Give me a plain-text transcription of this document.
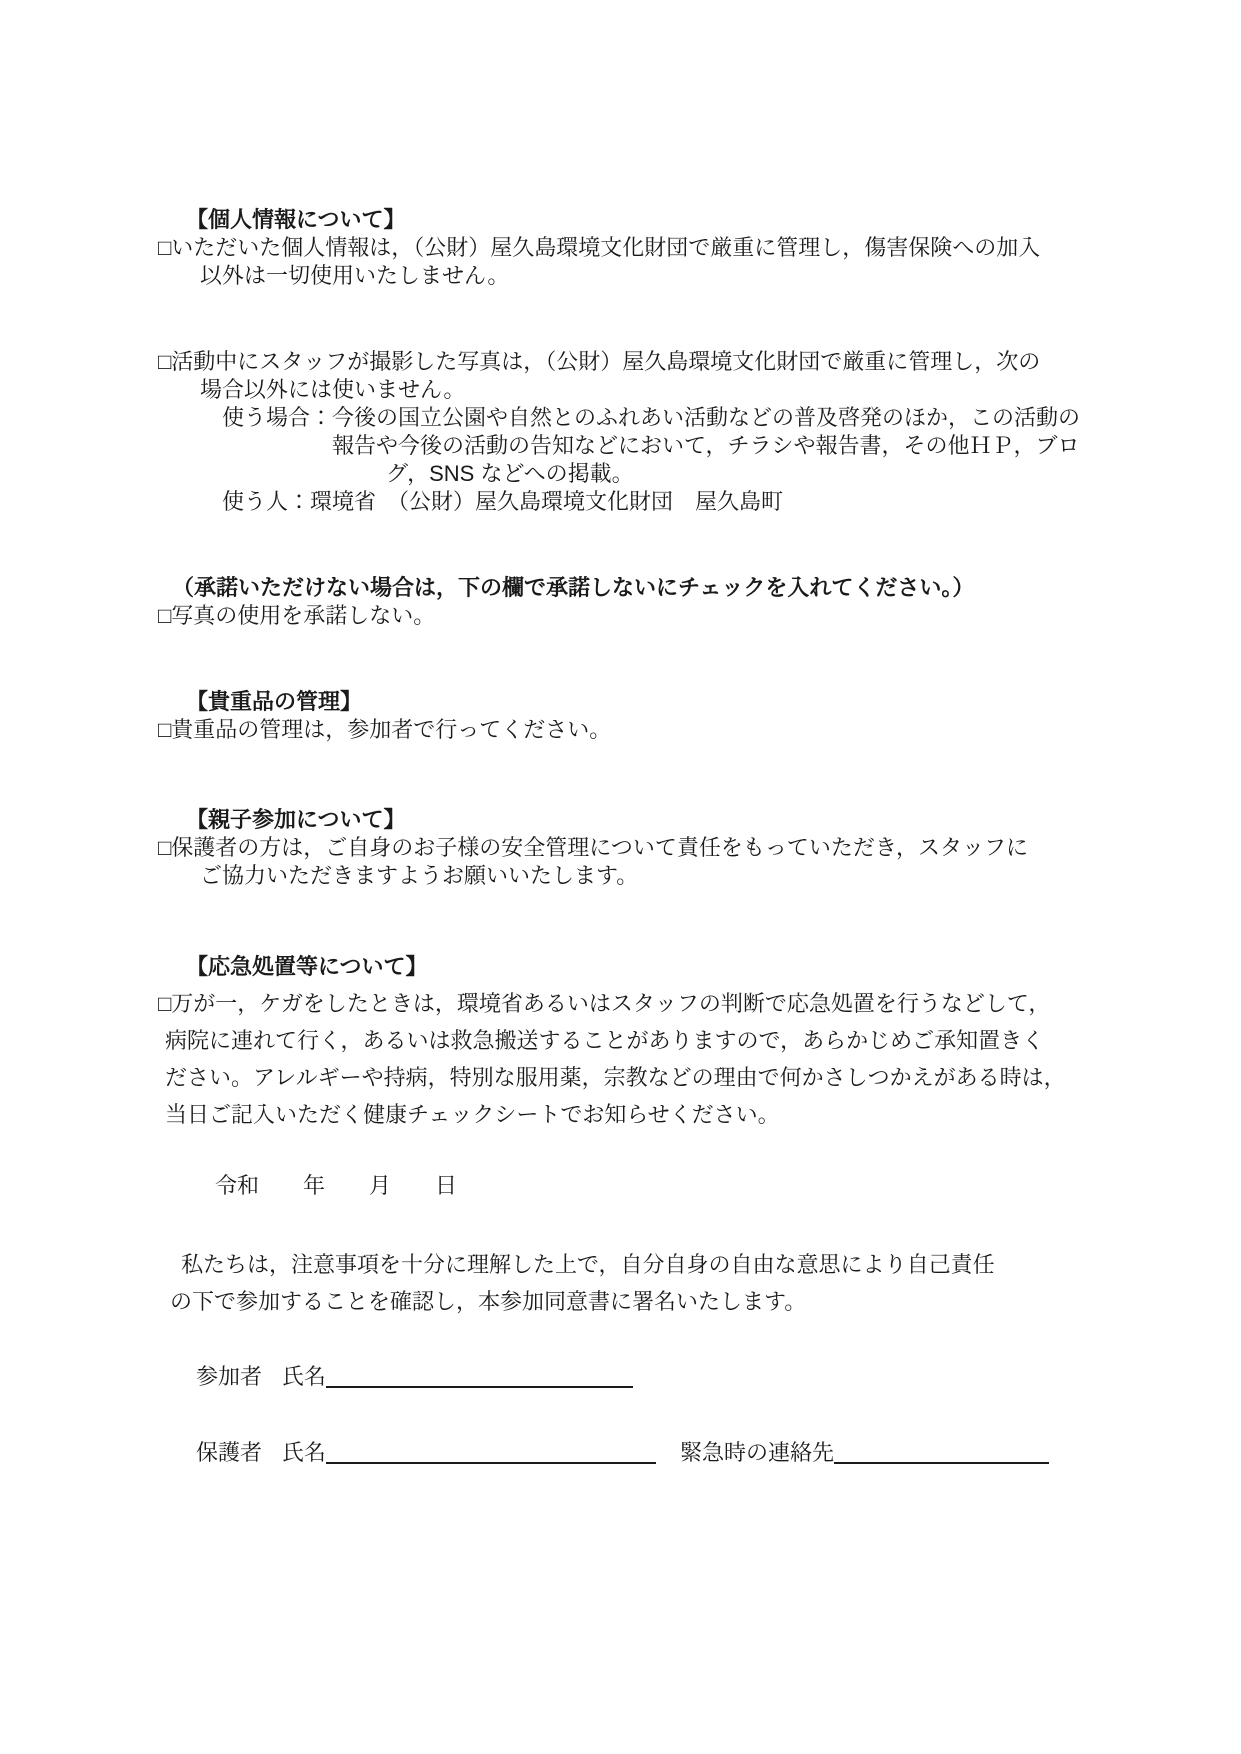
【個人情報について】
□いただいた個人情報は，（公財）屋久島環境文化財団で厳重に管理し，傷害保険への加入
以外は一切使用いたしません。
□活動中にスタッフが撮影した写真は，（公財）屋久島環境文化財団で厳重に管理し，次の
場合以外には使いません。
使う場合：今後の国立公園や自然とのふれあい活動などの普及啓発のほか，この活動の
報告や今後の活動の告知などにおいて，チラシや報告書，その他ＨＰ，ブロ
グ，SNS などへの掲載。
使う人：環境省　（公財）屋久島環境文化財団　屋久島町
（承諾いただけない場合は，下の欄で承諾しないにチェックを入れてください。）
□写真の使用を承諾しない。
【貴重品の管理】
□貴重品の管理は，参加者で行ってください。
【親子参加について】
□保護者の方は，ご自身のお子様の安全管理について責任をもっていただき，スタッフに
ご協力いただきますようお願いいたします。
【応急処置等について】
□万が一，ケガをしたときは，環境省あるいはスタッフの判断で応急処置を行うなどして，
病院に連れて行く，あるいは救急搬送することがありますので，あらかじめご承知置きく
ださい。アレルギーや持病，特別な服用薬，宗教などの理由で何かさしつかえがある時は，
当日ご記入いただく健康チェックシートでお知らせください。
令和　　年　　月　　日
私たちは，注意事項を十分に理解した上で，自分自身の自由な意思により自己責任
の下で参加することを確認し，本参加同意書に署名いたします。
参加者 氏名
保護者 氏名	緊急時の連絡先
